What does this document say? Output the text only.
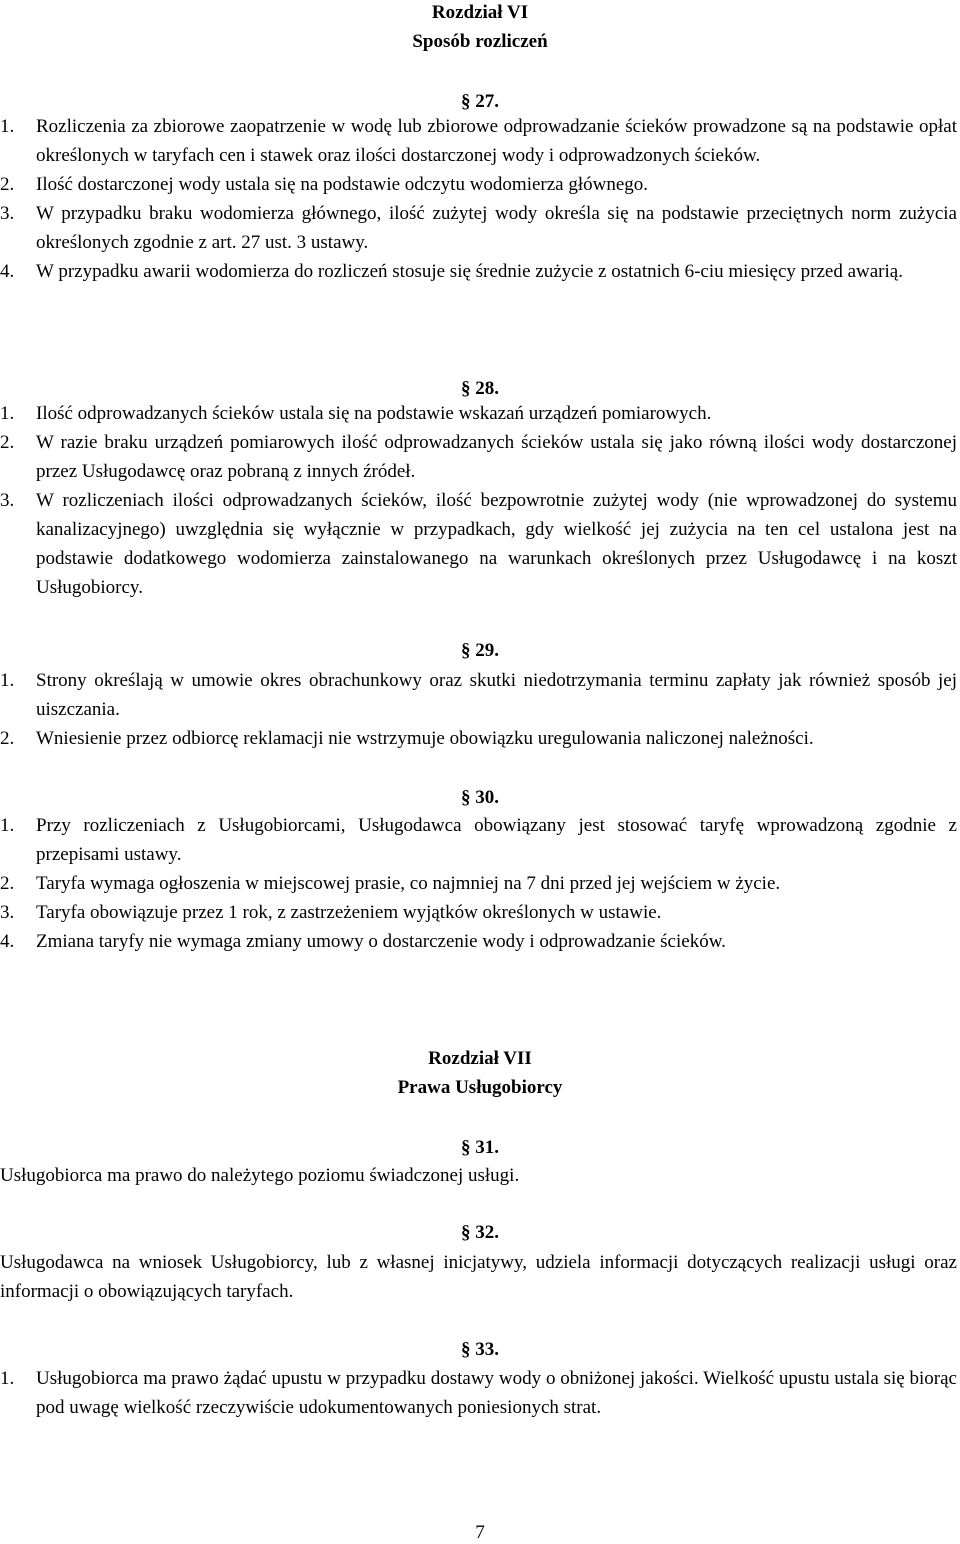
Rozdział VI
Sposób rozliczeń
§ 27.
1. Rozliczenia za zbiorowe zaopatrzenie w wodę lub zbiorowe odprowadzanie ścieków prowadzone są na podstawie opłat określonych w taryfach cen i stawek oraz ilości dostarczonej wody i odprowadzonych ścieków.
2. Ilość dostarczonej wody ustala się na podstawie odczytu wodomierza głównego.
3. W przypadku braku wodomierza głównego, ilość zużytej wody określa się na podstawie przeciętnych norm zużycia określonych zgodnie z art. 27 ust. 3 ustawy.
4. W przypadku awarii wodomierza do rozliczeń stosuje się średnie zużycie z ostatnich 6-ciu miesięcy przed awarią.
§ 28.
1. Ilość odprowadzanych ścieków ustala się na podstawie wskazań urządzeń pomiarowych.
2. W razie braku urządzeń pomiarowych ilość odprowadzanych ścieków ustala się jako równą ilości wody dostarczonej przez Usługodawcę oraz pobraną z innych źródeł.
3. W rozliczeniach ilości odprowadzanych ścieków, ilość bezpowrotnie zużytej wody (nie wprowadzonej do systemu kanalizacyjnego) uwzględnia się wyłącznie w przypadkach, gdy wielkość jej zużycia na ten cel ustalona jest na podstawie dodatkowego wodomierza zainstalowanego na warunkach określonych przez Usługodawcę i na koszt Usługobiorcy.
§ 29.
1. Strony określają w umowie okres obrachunkowy oraz skutki niedotrzymania terminu zapłaty jak również sposób jej uiszczania.
2. Wniesienie przez odbiorcę reklamacji nie wstrzymuje obowiązku uregulowania naliczonej należności.
§ 30.
1. Przy rozliczeniach z Usługobiorcami, Usługodawca obowiązany jest stosować taryfę wprowadzoną zgodnie z przepisami ustawy.
2. Taryfa wymaga ogłoszenia w miejscowej prasie, co najmniej na 7 dni przed jej wejściem w życie.
3. Taryfa obowiązuje przez 1 rok, z zastrzeżeniem wyjątków określonych w ustawie.
4. Zmiana taryfy nie wymaga zmiany umowy o dostarczenie wody i odprowadzanie ścieków.
Rozdział VII
Prawa Usługobiorcy
§ 31.
Usługobiorca ma prawo do należytego poziomu świadczonej usługi.
§ 32.
Usługodawca na wniosek Usługobiorcy, lub z własnej inicjatywy, udziela informacji dotyczących realizacji usługi oraz informacji o obowiązujących taryfach.
§ 33.
1. Usługobiorca ma prawo żądać upustu w przypadku dostawy wody o obniżonej jakości. Wielkość upustu ustala się biorąc pod uwagę wielkość rzeczywiście udokumentowanych poniesionych strat.
7
